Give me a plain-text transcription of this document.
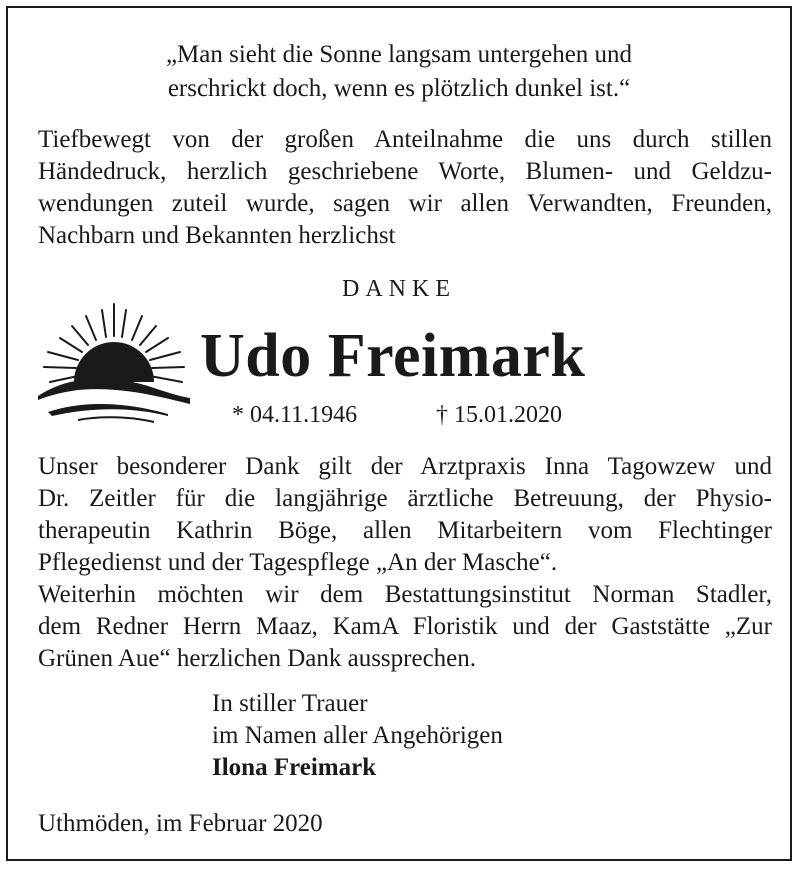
„Man sieht die Sonne langsam untergehen und
erschrickt doch, wenn es plötzlich dunkel ist.“
Tiefbewegt von der großen Anteilnahme die uns durch stillen
Händedruck, herzlich geschriebene Worte, Blumen- und Geldzu-
wendungen zuteil wurde, sagen wir allen Verwandten, Freunden,
Nachbarn und Bekannten herzlichst
DANKE
Udo Freimark
* 04.11.1946	† 15.01.2020
Unser besonderer Dank gilt der Arztpraxis Inna Tagowzew und
Dr. Zeitler für die langjährige ärztliche Betreuung, der Physio-
therapeutin Kathrin Böge, allen Mitarbeitern vom Flechtinger
Pflegedienst und der Tagespflege „An der Masche“.
Weiterhin möchten wir dem Bestattungsinstitut Norman Stadler,
dem Redner Herrn Maaz, KamA Floristik und der Gaststätte „Zur
Grünen Aue“ herzlichen Dank aussprechen.
In stiller Trauer
im Namen aller Angehörigen
Ilona Freimark
Uthmöden, im Februar 2020
